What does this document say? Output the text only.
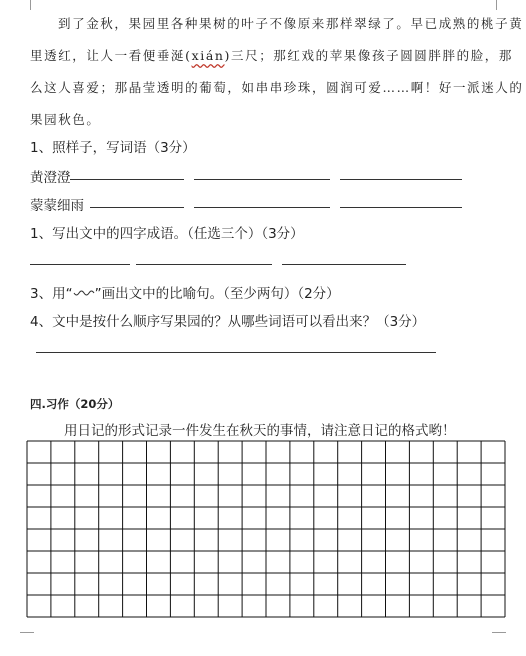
到了金秋，果园里各种果树的叶子不像原来那样翠绿了。早已成熟的桃子黄
里透红，让人一看便垂涎(xián)三尺；那红戏的苹果像孩子圆圆胖胖的脸，那
么这人喜爱；那晶莹透明的葡萄，如串串珍珠，圆润可爱……啊！好一派迷人的
果园秋色。
1、照样子，写词语（3分）
黄澄澄
蒙蒙细雨
1、写出文中的四字成语。（任选三个）（3分）
3、用“ ”画出文中的比喻句。（至少两句）（2分）
4、文中是按什么顺序写果园的？从哪些词语可以看出来？（3分）
四.习作（20分）
用日记的形式记录一件发生在秋天的事情，请注意日记的格式哟！
